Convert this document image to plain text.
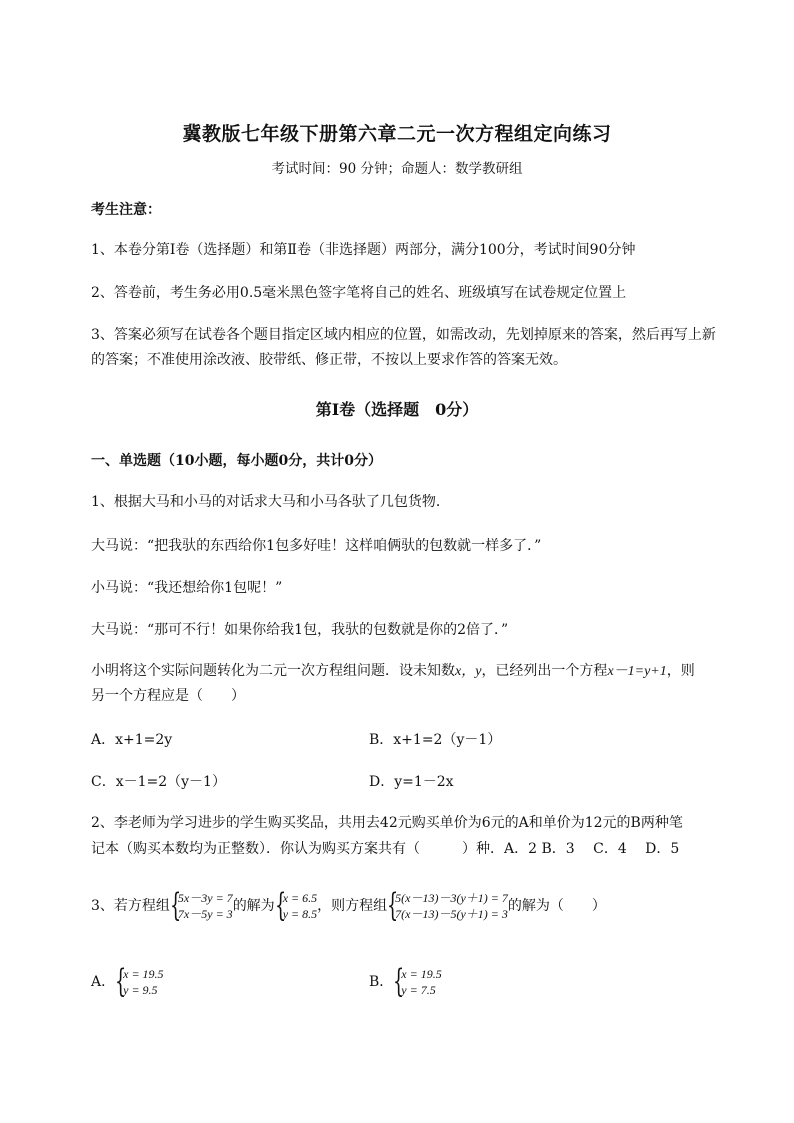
冀教版七年级下册第六章二元一次方程组定向练习
考试时间：90 分钟；命题人：数学教研组
考生注意：
1、本卷分第Ⅰ卷（选择题）和第Ⅱ卷（非选择题）两部分，满分100分，考试时间90分钟
2、答卷前，考生务必用0.5毫米黑色签字笔将自己的姓名、班级填写在试卷规定位置上
3、答案必须写在试卷各个题目指定区域内相应的位置，如需改动，先划掉原来的答案，然后再写上新
的答案；不准使用涂改液、胶带纸、修正带，不按以上要求作答的答案无效。
第Ⅰ卷（选择题　0分）
一、单选题（10小题，每小题0分，共计0分）
1、根据大马和小马的对话求大马和小马各驮了几包货物．
大马说：“把我驮的东西给你1包多好哇！这样咱俩驮的包数就一样多了．”
小马说：“我还想给你1包呢！”
大马说：“那可不行！如果你给我1包，我驮的包数就是你的2倍了．”
小明将这个实际问题转化为二元一次方程组问题．设未知数x，y，已经列出一个方程x－1=y+1，则
另一个方程应是（　　）
A．x+1=2y	B．x+1=2（y－1）
C．x－1=2（y－1）	D．y=1－2x
2、李老师为学习进步的学生购买奖品，共用去42元购买单价为6元的A和单价为12元的B两种笔
记本（购买本数均为正整数）．你认为购买方案共有（　　　）种．A．2 B．3　 C．4　 D．5
3、若方程组 {
5x－3y = 7
7x－5y = 3 的解为 {
x = 6.5
y = 8.5 ，则方程组 {
5(x－13)－3(y＋1) = 7
7(x－13)－5(y＋1) = 3 的解为（　　）
A． {
x = 19.5
y = 9.5	B． {
x = 19.5
y = 7.5
